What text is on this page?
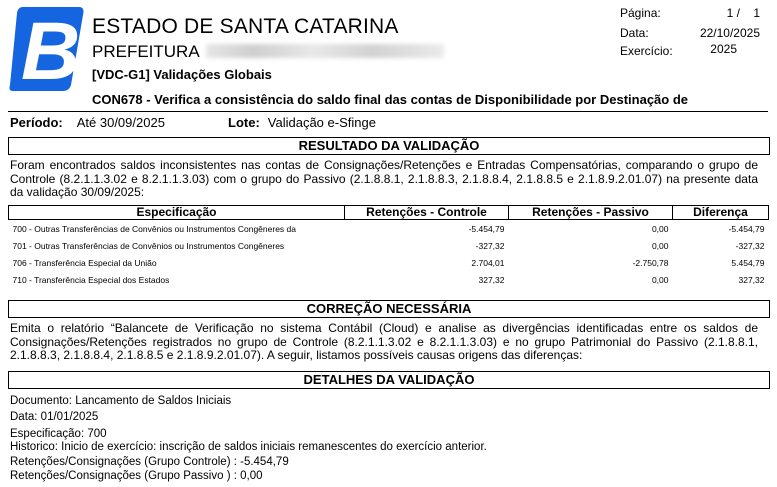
B ESTADO DE SANTA CATARINA
PREFEITURA
[VDC-G1] Validações Globais
CON678 - Verifica a consistência do saldo final das contas de Disponibilidade por Destinação de
Página:	1 /    1
Data:	22/10/2025
Exercício:	2025
Período: Até 30/09/2025	Lote: Validação e-Sfinge
RESULTADO DA VALIDAÇÃO
Foram encontrados saldos inconsistentes nas contas de Consignações/Retenções e Entradas Compensatórias, comparando o grupo de Controle (8.2.1.1.3.02 e 8.2.1.1.3.03) com o grupo do Passivo (2.1.8.8.1, 2.1.8.8.3, 2.1.8.8.4, 2.1.8.8.5 e 2.1.8.9.2.01.07) na presente data da validação 30/09/2025:
Especificação	Retenções - Controle	Retenções - Passivo	Diferença
700 - Outras Transferências de Convênios ou Instrumentos Congêneres da	-5.454,79	0,00	-5.454,79
701 - Outras Transferências de Convênios ou Instrumentos Congêneres	-327,32	0,00	-327,32
706 - Transferência Especial da União	2.704,01	-2.750,78	5.454,79
710 - Transferência Especial dos Estados	327,32	0,00	327,32
CORREÇÃO NECESSÁRIA
Emita o relatório “Balancete de Verificação no sistema Contábil (Cloud) e analise as divergências identificadas entre os saldos de Consignações/Retenções registrados no grupo de Controle (8.2.1.1.3.02 e 8.2.1.1.3.03) e no grupo Patrimonial do Passivo (2.1.8.8.1, 2.1.8.8.3, 2.1.8.8.4, 2.1.8.8.5 e 2.1.8.9.2.01.07). A seguir, listamos possíveis causas origens das diferenças:
DETALHES DA VALIDAÇÃO
Documento: Lancamento de Saldos Iniciais
Data: 01/01/2025
Especificação: 700
Historico: Inicio de exercício: inscrição de saldos iniciais remanescentes do exercício anterior.
Retenções/Consignações (Grupo Controle) : -5.454,79
Retenções/Consignações (Grupo Passivo ) : 0,00
